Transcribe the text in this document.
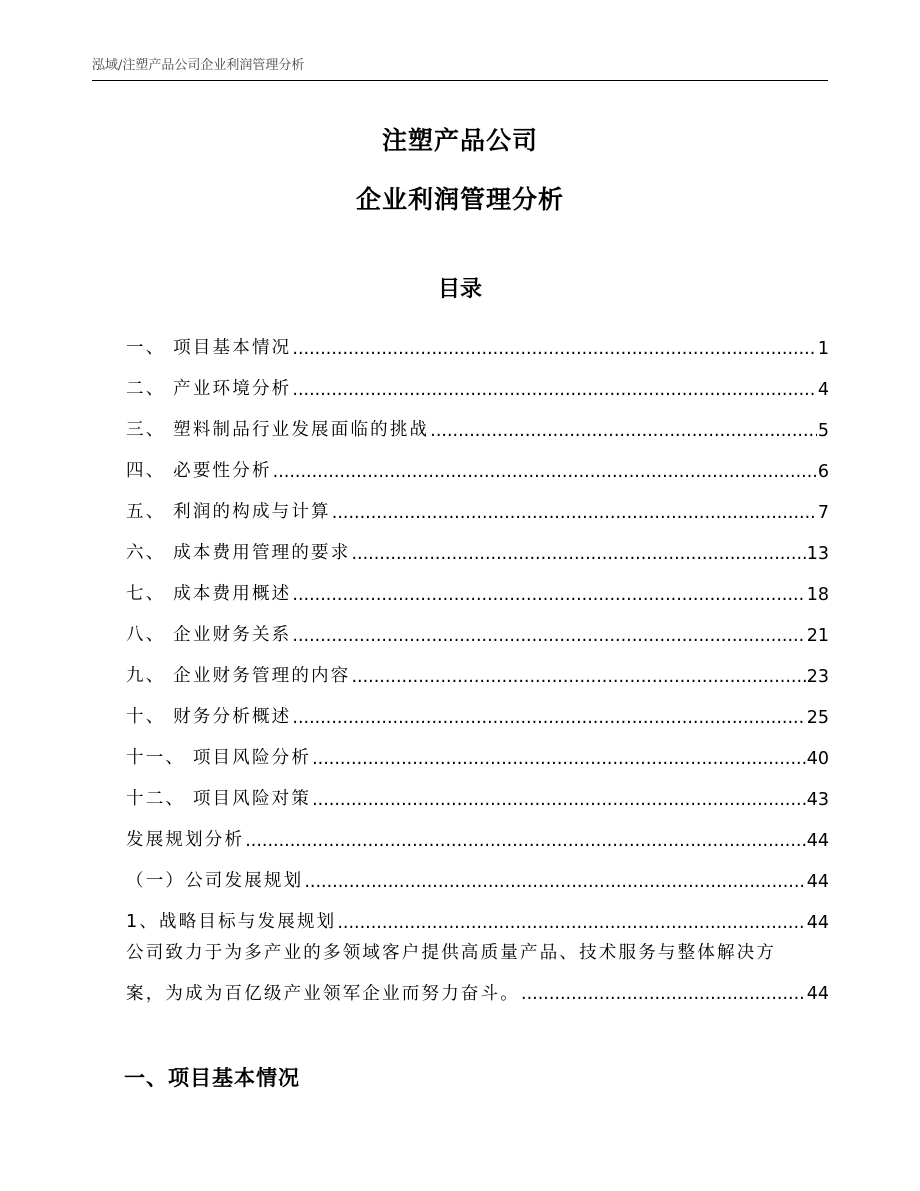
泓域/注塑产品公司企业利润管理分析
注塑产品公司
企业利润管理分析
目录
一、 项目基本情况 .....	1
二、 产业环境分析 .....	4
三、 塑料制品行业发展面临的挑战 .....	5
四、 必要性分析 .....	6
五、 利润的构成与计算 .....	7
六、 成本费用管理的要求 .....	13
七、 成本费用概述 .....	18
八、 企业财务关系 .....	21
九、 企业财务管理的内容 .....	23
十、 财务分析概述 .....	25
十一、 项目风险分析 .....	40
十二、 项目风险对策 .....	43
发展规划分析 .....	44
（一）公司发展规划 .....	44
1、战略目标与发展规划 .....	44
公司致力于为多产业的多领域客户提供高质量产品、技术服务与整体解决方
案，为成为百亿级产业领军企业而努力奋斗。 .....	44
一、项目基本情况
